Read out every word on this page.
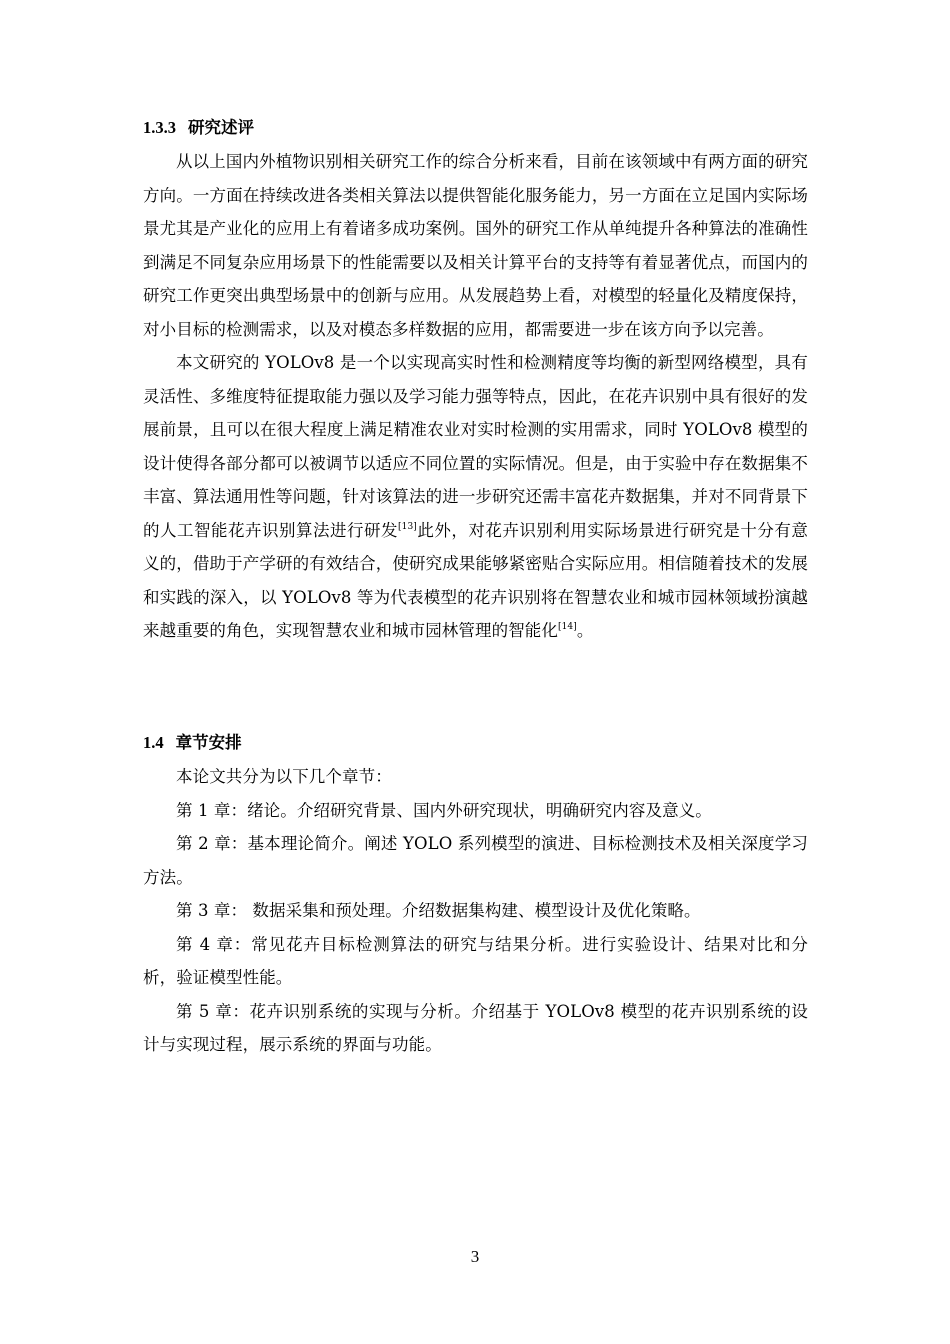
1.3.3 研究述评

从以上国内外植物识别相关研究工作的综合分析来看，目前在该领域中有两方面的研究方向。一方面在持续改进各类相关算法以提供智能化服务能力，另一方面在立足国内实际场景尤其是产业化的应用上有着诸多成功案例。国外的研究工作从单纯提升各种算法的准确性到满足不同复杂应用场景下的性能需要以及相关计算平台的支持等有着显著优点，而国内的研究工作更突出典型场景中的创新与应用。从发展趋势上看，对模型的轻量化及精度保持，对小目标的检测需求，以及对模态多样数据的应用，都需要进一步在该方向予以完善。

本文研究的 YOLOv8 是一个以实现高实时性和检测精度等均衡的新型网络模型，具有灵活性、多维度特征提取能力强以及学习能力强等特点，因此，在花卉识别中具有很好的发展前景，且可以在很大程度上满足精准农业对实时检测的实用需求，同时 YOLOv8 模型的设计使得各部分都可以被调节以适应不同位置的实际情况。但是，由于实验中存在数据集不丰富、算法通用性等问题，针对该算法的进一步研究还需丰富花卉数据集，并对不同背景下的人工智能花卉识别算法进行研发[13]此外，对花卉识别利用实际场景进行研究是十分有意义的，借助于产学研的有效结合，使研究成果能够紧密贴合实际应用。相信随着技术的发展和实践的深入，以 YOLOv8 等为代表模型的花卉识别将在智慧农业和城市园林领域扮演越来越重要的角色，实现智慧农业和城市园林管理的智能化[14]。

1.4 章节安排

本论文共分为以下几个章节：

第 1 章：绪论。介绍研究背景、国内外研究现状，明确研究内容及意义。

第 2 章：基本理论简介。阐述 YOLO 系列模型的演进、目标检测技术及相关深度学习方法。

第 3 章： 数据采集和预处理。介绍数据集构建、模型设计及优化策略。

第 4 章：常见花卉目标检测算法的研究与结果分析。进行实验设计、结果对比和分析，验证模型性能。

第 5 章：花卉识别系统的实现与分析。介绍基于 YOLOv8 模型的花卉识别系统的设计与实现过程，展示系统的界面与功能。

3
